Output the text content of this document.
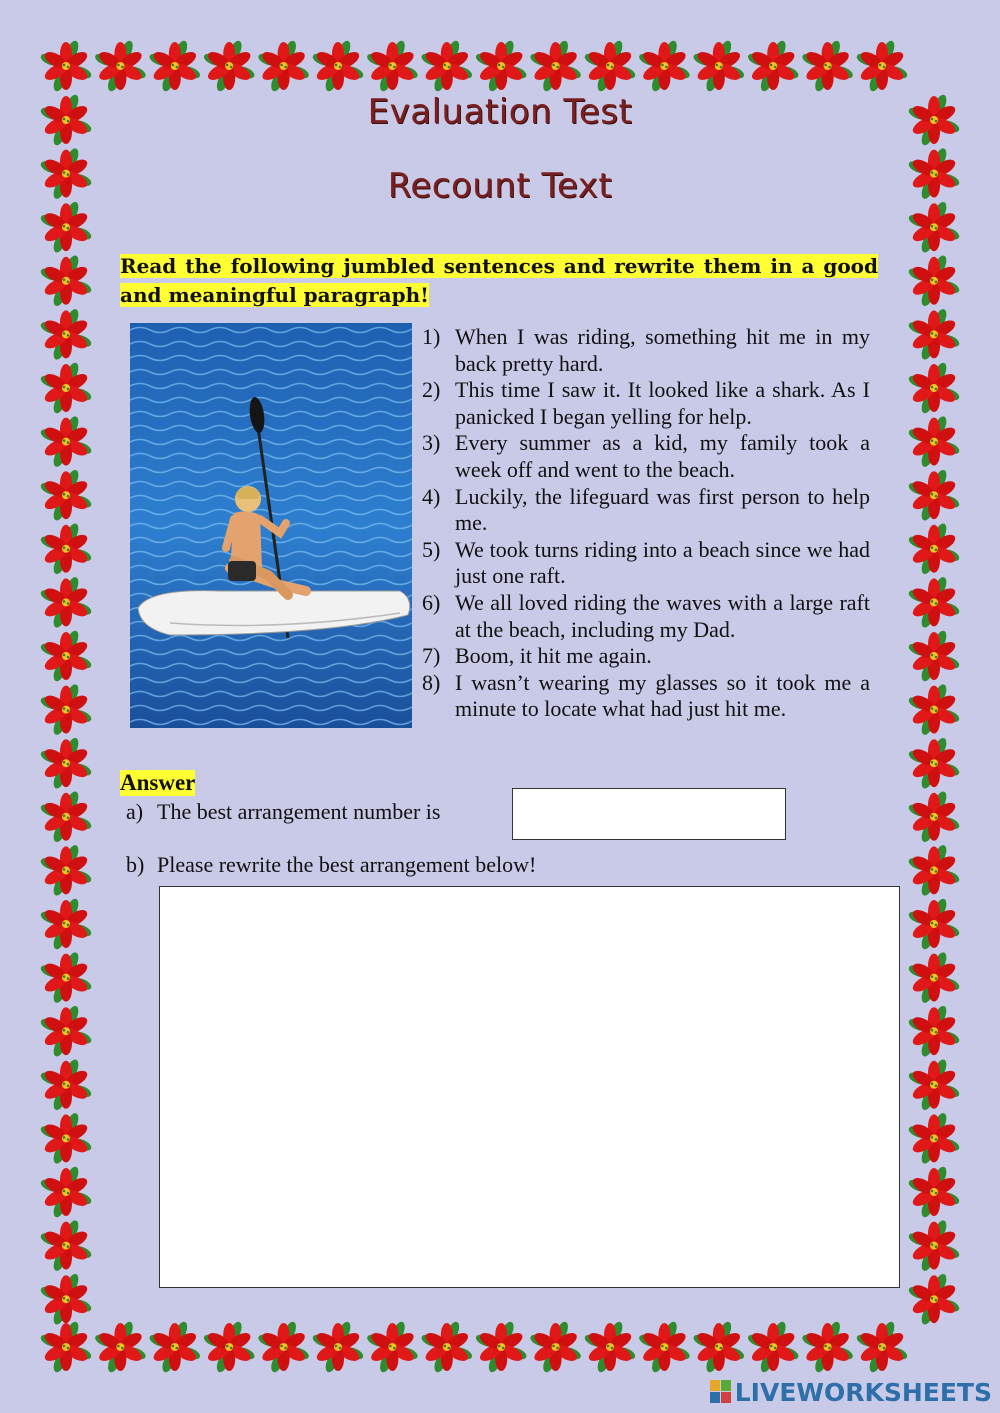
Evaluation Test
Recount Text
Read the following jumbled sentences and rewrite them in a good and meaningful paragraph!
1) When I was riding, something hit me in my back pretty hard.
2) This time I saw it. It looked like a shark. As I panicked I began yelling for help.
3) Every summer as a kid, my family took a week off and went to the beach.
4) Luckily, the lifeguard was first person to help me.
5) We took turns riding into a beach since we had just one raft.
6) We all loved riding the waves with a large raft at the beach, including my Dad.
7) Boom, it hit me again.
8) I wasn’t wearing my glasses so it took me a minute to locate what had just hit me.
Answer
a) The best arrangement number is
b) Please rewrite the best arrangement below!
LIVEWORKSHEETS
